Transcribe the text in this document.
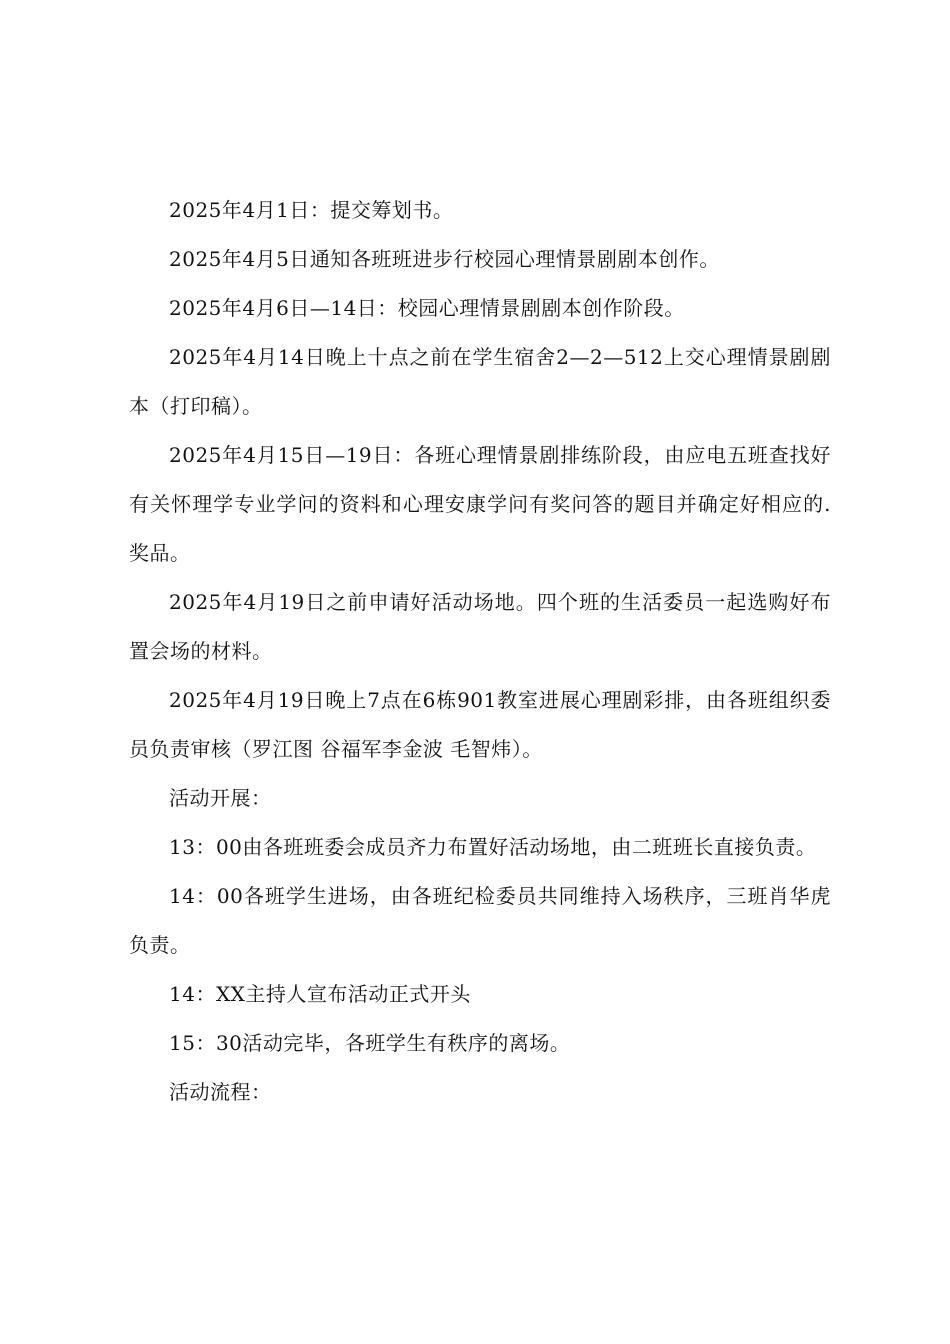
2025年4月1日：提交筹划书。

2025年4月5日通知各班班进步行校园心理情景剧剧本创作。

2025年4月6日—14日：校园心理情景剧剧本创作阶段。

2025年4月14日晚上十点之前在学生宿舍2—2—512上交心理情景剧剧本（打印稿）。

2025年4月15日—19日：各班心理情景剧排练阶段，由应电五班查找好有关怀理学专业学问的资料和心理安康学问有奖问答的题目并确定好相应的.奖品。

2025年4月19日之前申请好活动场地。四个班的生活委员一起选购好布置会场的材料。

2025年4月19日晚上7点在6栋901教室进展心理剧彩排，由各班组织委员负责审核（罗江图 谷福军李金波 毛智炜）。

活动开展：

13：00由各班班委会成员齐力布置好活动场地，由二班班长直接负责。

14：00各班学生进场，由各班纪检委员共同维持入场秩序，三班肖华虎负责。

14：XX主持人宣布活动正式开头

15：30活动完毕，各班学生有秩序的离场。

活动流程：
